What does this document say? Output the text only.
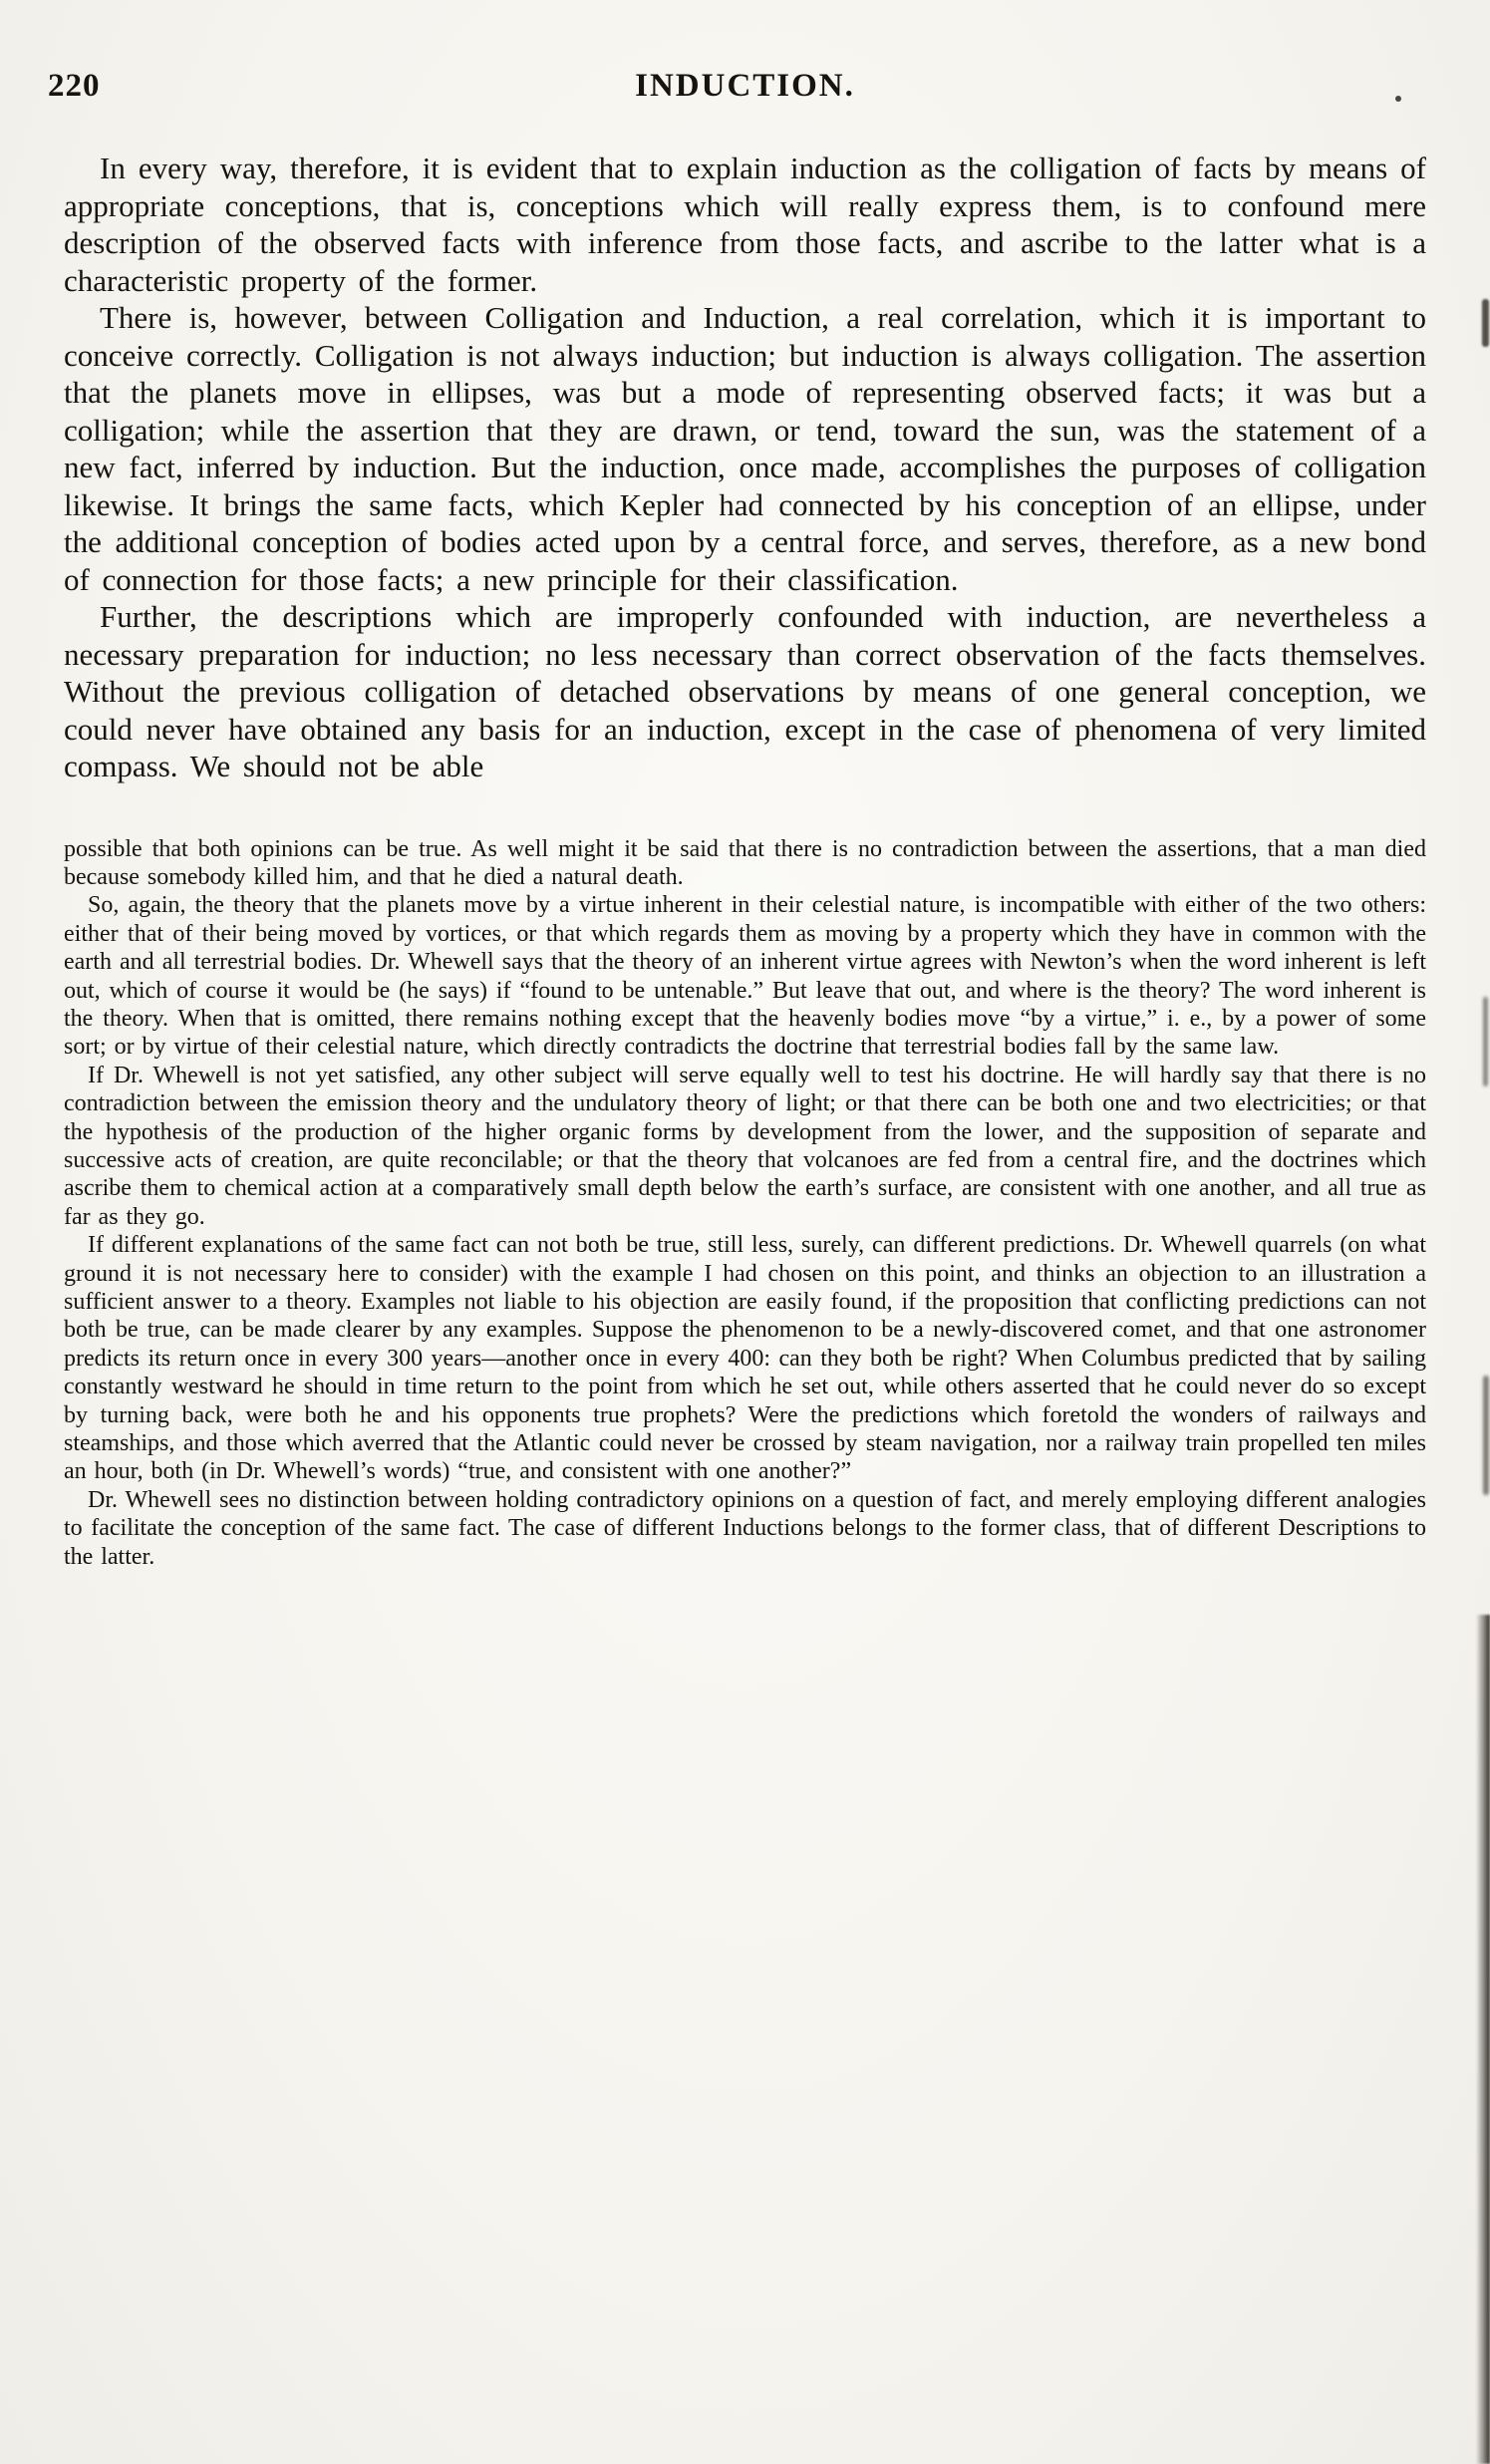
220	INDUCTION.

In every way, therefore, it is evident that to explain induction as the colligation of facts by means of appropriate conceptions, that is, conceptions which will really express them, is to confound mere description of the observed facts with inference from those facts, and ascribe to the latter what is a characteristic property of the former.

There is, however, between Colligation and Induction, a real correlation, which it is important to conceive correctly. Colligation is not always induction; but induction is always colligation. The assertion that the planets move in ellipses, was but a mode of representing observed facts; it was but a colligation; while the assertion that they are drawn, or tend, toward the sun, was the statement of a new fact, inferred by induction. But the induction, once made, accomplishes the purposes of colligation likewise. It brings the same facts, which Kepler had connected by his conception of an ellipse, under the additional conception of bodies acted upon by a central force, and serves, therefore, as a new bond of connection for those facts; a new principle for their classification.

Further, the descriptions which are improperly confounded with induction, are nevertheless a necessary preparation for induction; no less necessary than correct observation of the facts themselves. Without the previous colligation of detached observations by means of one general conception, we could never have obtained any basis for an induction, except in the case of phenomena of very limited compass. We should not be able

possible that both opinions can be true. As well might it be said that there is no contradiction between the assertions, that a man died because somebody killed him, and that he died a natural death.

So, again, the theory that the planets move by a virtue inherent in their celestial nature, is incompatible with either of the two others: either that of their being moved by vortices, or that which regards them as moving by a property which they have in common with the earth and all terrestrial bodies. Dr. Whewell says that the theory of an inherent virtue agrees with Newton’s when the word inherent is left out, which of course it would be (he says) if “found to be untenable.” But leave that out, and where is the theory? The word inherent is the theory. When that is omitted, there remains nothing except that the heavenly bodies move “by a virtue,” i. e., by a power of some sort; or by virtue of their celestial nature, which directly contradicts the doctrine that terrestrial bodies fall by the same law.

If Dr. Whewell is not yet satisfied, any other subject will serve equally well to test his doctrine. He will hardly say that there is no contradiction between the emission theory and the undulatory theory of light; or that there can be both one and two electricities; or that the hypothesis of the production of the higher organic forms by development from the lower, and the supposition of separate and successive acts of creation, are quite reconcilable; or that the theory that volcanoes are fed from a central fire, and the doctrines which ascribe them to chemical action at a comparatively small depth below the earth’s surface, are consistent with one another, and all true as far as they go.

If different explanations of the same fact can not both be true, still less, surely, can different predictions. Dr. Whewell quarrels (on what ground it is not necessary here to consider) with the example I had chosen on this point, and thinks an objection to an illustration a sufficient answer to a theory. Examples not liable to his objection are easily found, if the proposition that conflicting predictions can not both be true, can be made clearer by any examples. Suppose the phenomenon to be a newly-discovered comet, and that one astronomer predicts its return once in every 300 years—another once in every 400: can they both be right? When Columbus predicted that by sailing constantly westward he should in time return to the point from which he set out, while others asserted that he could never do so except by turning back, were both he and his opponents true prophets? Were the predictions which foretold the wonders of railways and steamships, and those which averred that the Atlantic could never be crossed by steam navigation, nor a railway train propelled ten miles an hour, both (in Dr. Whewell’s words) “true, and consistent with one another?”

Dr. Whewell sees no distinction between holding contradictory opinions on a question of fact, and merely employing different analogies to facilitate the conception of the same fact. The case of different Inductions belongs to the former class, that of different Descriptions to the latter.
